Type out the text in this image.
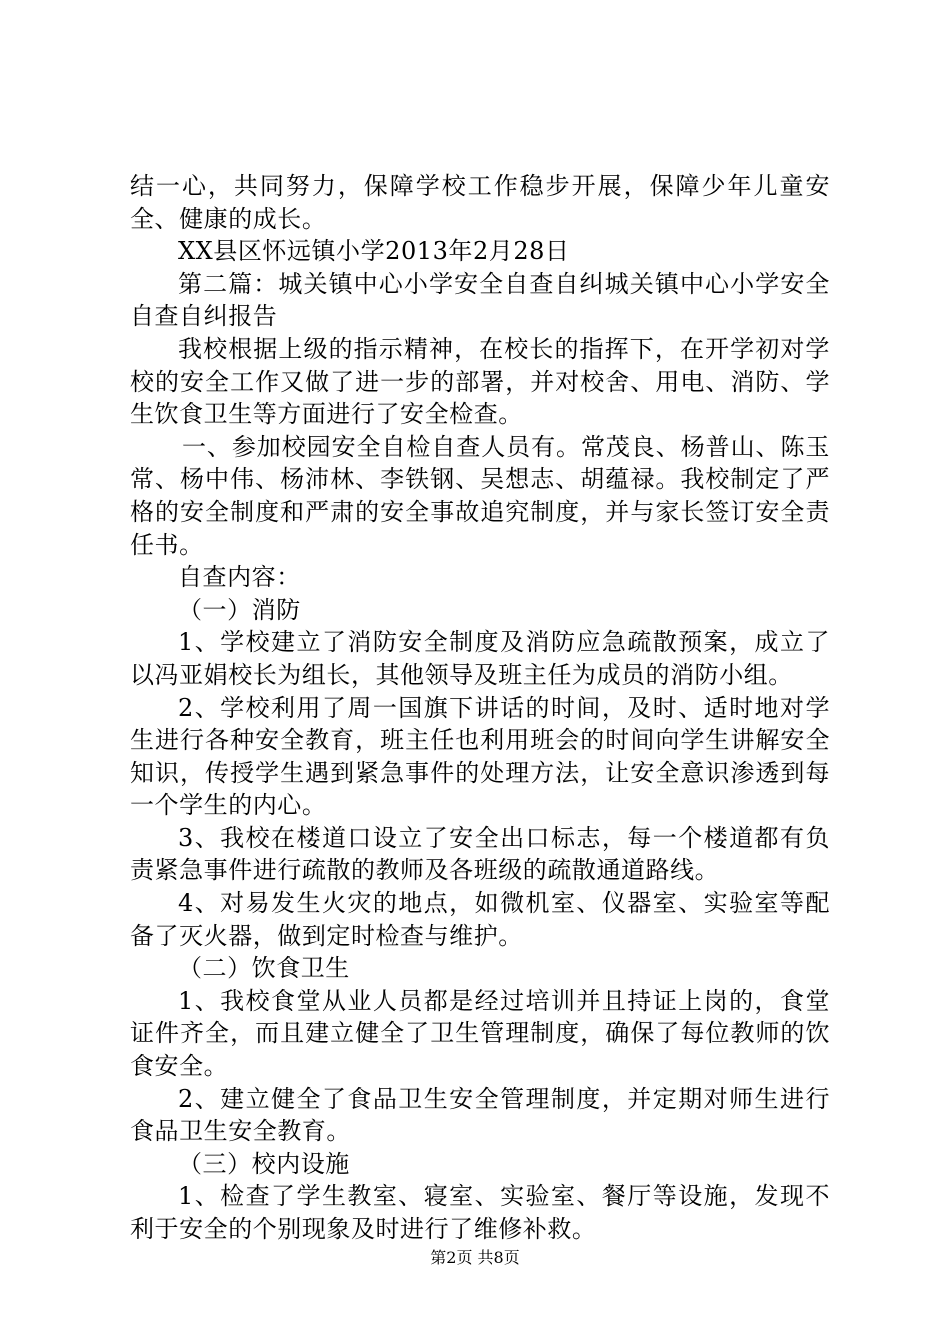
结一心，共同努力，保障学校工作稳步开展，保障少年儿童安全、健康的成长。

XX县区怀远镇小学2013年2月28日

第二篇：城关镇中心小学安全自查自纠城关镇中心小学安全自查自纠报告

我校根据上级的指示精神，在校长的指挥下，在开学初对学校的安全工作又做了进一步的部署，并对校舍、用电、消防、学生饮食卫生等方面进行了安全检查。

一、参加校园安全自检自查人员有。常茂良、杨普山、陈玉常、杨中伟、杨沛林、李铁钢、吴想志、胡蕴禄。我校制定了严格的安全制度和严肃的安全事故追究制度，并与家长签订安全责任书。

自查内容：

（一）消防

1、学校建立了消防安全制度及消防应急疏散预案，成立了以冯亚娟校长为组长，其他领导及班主任为成员的消防小组。

2、学校利用了周一国旗下讲话的时间，及时、适时地对学生进行各种安全教育，班主任也利用班会的时间向学生讲解安全知识，传授学生遇到紧急事件的处理方法，让安全意识渗透到每一个学生的内心。

3、我校在楼道口设立了安全出口标志，每一个楼道都有负责紧急事件进行疏散的教师及各班级的疏散通道路线。

4、对易发生火灾的地点，如微机室、仪器室、实验室等配备了灭火器，做到定时检查与维护。

（二）饮食卫生

1、我校食堂从业人员都是经过培训并且持证上岗的，食堂证件齐全，而且建立健全了卫生管理制度，确保了每位教师的饮食安全。

2、建立健全了食品卫生安全管理制度，并定期对师生进行食品卫生安全教育。

（三）校内设施

1、检查了学生教室、寝室、实验室、餐厅等设施，发现不利于安全的个别现象及时进行了维修补救。

第2页 共8页
